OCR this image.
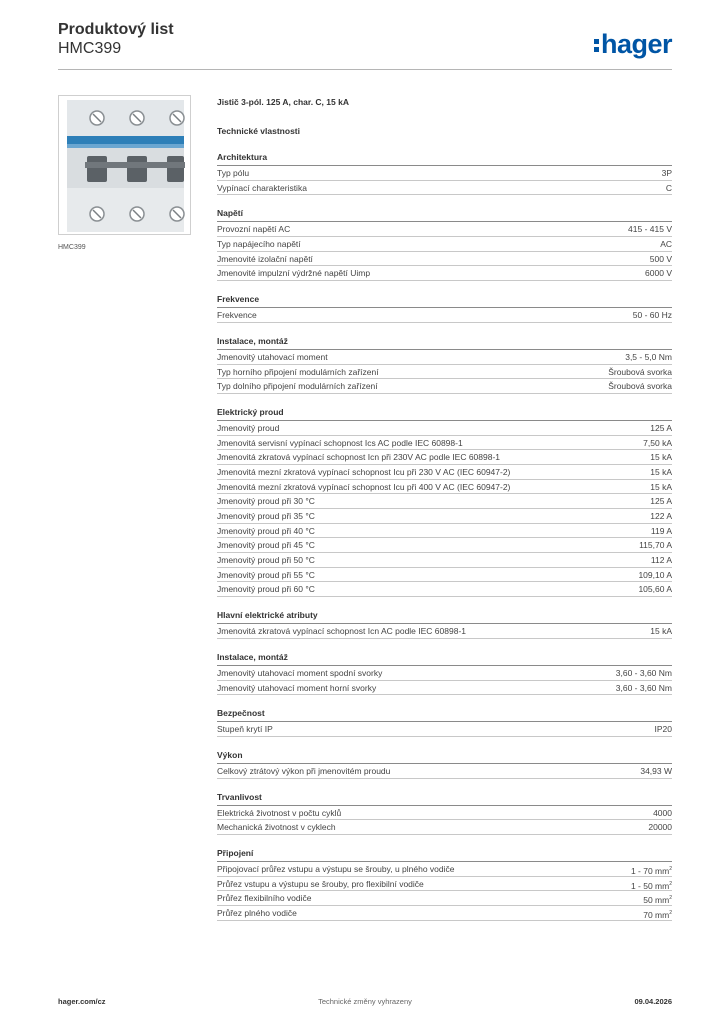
Produktový list
HMC399	hager
HMC399
Jistič 3-pól. 125 A, char. C, 15 kA
Technické vlastnosti
Architektura
Typ pólu	3P
Vypínací charakteristika	C
Napětí
Provozní napětí AC	415 - 415 V
Typ napájecího napětí	AC
Jmenovité izolační napětí	500 V
Jmenovité impulzní výdržné napětí Uimp	6000 V
Frekvence
Frekvence	50 - 60 Hz
Instalace, montáž
Jmenovitý utahovací moment	3,5 - 5,0 Nm
Typ horního připojení modulárních zařízení	Šroubová svorka
Typ dolního připojení modulárních zařízení	Šroubová svorka
Elektrický proud
Jmenovitý proud	125 A
Jmenovitá servisní vypínací schopnost Ics AC podle IEC 60898-1	7,50 kA
Jmenovitá zkratová vypínací schopnost Icn při 230V AC podle IEC 60898-1	15 kA
Jmenovitá mezní zkratová vypínací schopnost Icu při 230 V AC (IEC 60947-2)	15 kA
Jmenovitá mezní zkratová vypínací schopnost Icu při 400 V AC (IEC 60947-2)	15 kA
Jmenovitý proud při 30 °C	125 A
Jmenovitý proud při 35 °C	122 A
Jmenovitý proud při 40 °C	119 A
Jmenovitý proud při 45 °C	115,70 A
Jmenovitý proud při 50 °C	112 A
Jmenovitý proud při 55 °C	109,10 A
Jmenovitý proud při 60 °C	105,60 A
Hlavní elektrické atributy
Jmenovitá zkratová vypínací schopnost Icn AC podle IEC 60898-1	15 kA
Instalace, montáž
Jmenovitý utahovací moment spodní svorky	3,60 - 3,60 Nm
Jmenovitý utahovací moment horní svorky	3,60 - 3,60 Nm
Bezpečnost
Stupeň krytí IP	IP20
Výkon
Celkový ztrátový výkon při jmenovitém proudu	34,93 W
Trvanlivost
Elektrická životnost v počtu cyklů	4000
Mechanická životnost v cyklech	20000
Připojení
Připojovací průřez vstupu a výstupu se šrouby, u plného vodiče	1 - 70 $mm^2$
Průřez vstupu a výstupu se šrouby, pro flexibilní vodiče	1 - 50 $mm^2$
Průřez flexibilního vodiče	50 $mm^2$
Průřez plného vodiče	70 $mm^2$
Technické změny vyhrazeny
hager.com/cz	09.04.2026
